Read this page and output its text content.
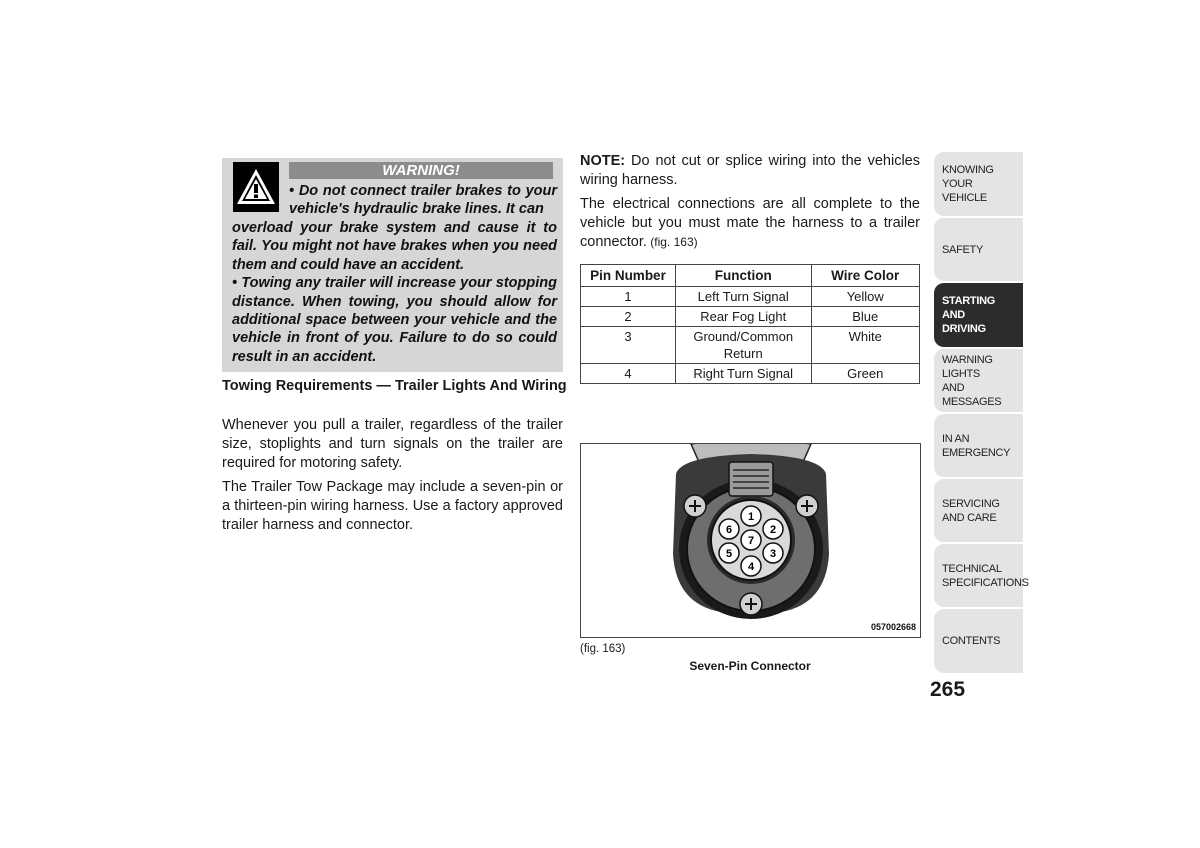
WARNING!
• Do not connect trailer brakes to your vehicle's hydraulic brake lines. It can
overload your brake system and cause it to fail. You might not have brakes when you need them and could have an accident.
• Towing any trailer will increase your stopping distance. When towing, you should allow for additional space between your vehicle and the vehicle in front of you. Failure to do so could result in an accident.
Towing Requirements — Trailer Lights And Wiring
Whenever you pull a trailer, regardless of the trailer size, stoplights and turn signals on the trailer are required for motoring safety.
The Trailer Tow Package may include a seven-pin or a thirteen-pin wiring harness. Use a factory approved trailer harness and connector.
NOTE: Do not cut or splice wiring into the vehicles wiring harness.
The electrical connections are all complete to the vehicle but you must mate the harness to a trailer connector. (fig. 163)
Pin Number	Function	Wire Color
1	Left Turn Signal	Yellow
2	Rear Fog Light	Blue
3	Ground/Common Return	White
4	Right Turn Signal	Green
1
2
3
4
5
6
7
057002668
(fig. 163)
Seven-Pin Connector
KNOWING
YOUR
VEHICLE
SAFETY
STARTING
AND
DRIVING
WARNING
LIGHTS
AND
MESSAGES
IN AN
EMERGENCY
SERVICING
AND CARE
TECHNICAL
SPECIFICATIONS
CONTENTS
265
